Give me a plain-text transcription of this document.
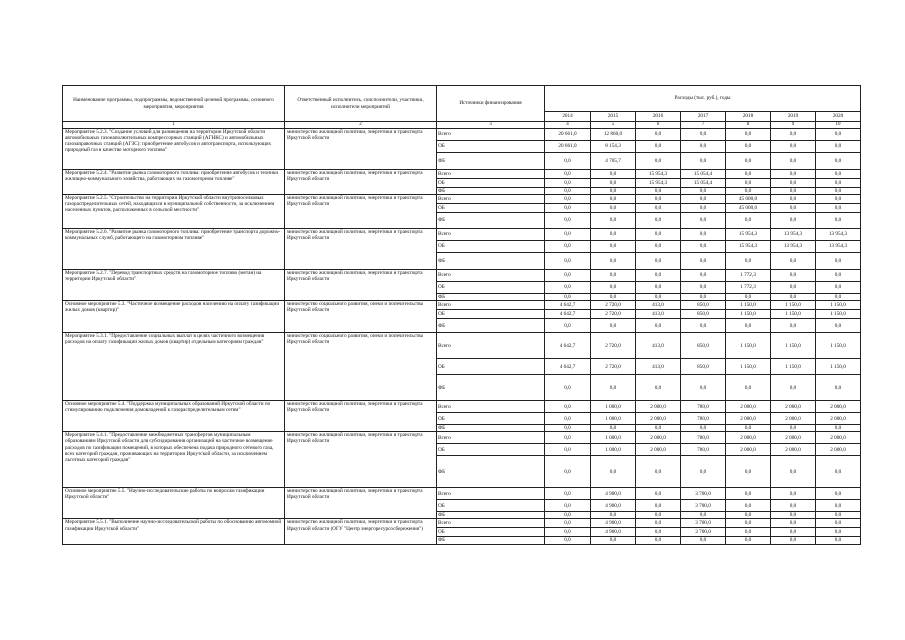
Наименование программы, подпрограммы, ведомственной целевой программы, основного мероприятия, мероприятия	Ответственный исполнитель, соисполнители, участники, исполнители мероприятий	Источники финансирования	Расходы (тыс. руб.), годы						
			2014	2015	2016	2017	2018	2019	2020
1	2	3	4	5	6	7	8	9	10
Мероприятие 5.2.3. "Создание условий для размещения на территории Иркутской области автомобильных газонаполнительных компрессорных станций (АГНКС) и автомобильных газозаправочных станций (АГЗС): приобретение автобусов и автотранспорта, использующих природный газ в качестве моторного топлива"	министерство жилищной политики, энергетики и транспорта Иркутской области	Всего	20 661,0	12 860,0	0,0	0,0	0,0	0,0	0,0
		ОБ	20 661,0	8 154,3	0,0	0,0	0,0	0,0	0,0
		ФБ	0,0	4 705,7	0,0	0,0	0,0	0,0	0,0
Мероприятие 5.2.4. "Развитие рынка газомоторного топлива: приобретение автобусов и техники жилищно-коммунального хозяйства, работающих на газомоторном топливе"	министерство жилищной политики, энергетики и транспорта Иркутской области	Всего	0,0	0,0	15 954,3	15 054,4	0,0	0,0	0,0
		ОБ	0,0	0,0	15 954,3	15 054,4	0,0	0,0	0,0
		ФБ	0,0	0,0	0,0	0,0	0,0	0,0	0,0
Мероприятие 5.2.5. "Строительство на территории Иркутской области внутрипоселковых газораспределительных сетей, находящихся в муниципальной собственности, за исключением населенных пунктов, расположенных в сельской местности"	министерство жилищной политики, энергетики и транспорта Иркутской области	Всего	0,0	0,0	0,0	0,0	45 000,0	0,0	0,0
		ОБ	0,0	0,0	0,0	0,0	45 000,0	0,0	0,0
		ФБ	0,0	0,0	0,0	0,0	0,0	0,0	0,0
Мероприятие 5.2.6. "Развитие рынка газомоторного топлива: приобретение транспорта дорожно-коммунальных служб, работающего на газомоторном топливе"	министерство жилищной политики, энергетики и транспорта Иркутской области	Всего	0,0	0,0	0,0	0,0	15 954,3	13 954,3	13 954,3
		ОБ	0,0	0,0	0,0	0,0	15 954,3	13 954,3	13 954,3
		ФБ	0,0	0,0	0,0	0,0	0,0	0,0	0,0
Мероприятие 5.2.7. "Перевод транспортных средств на газомоторное топливо (метан) на территории Иркутской области"	министерство жилищной политики, энергетики и транспорта Иркутской области	Всего	0,0	0,0	0,0	0,0	1 772,3	0,0	0,0
		ОБ	0,0	0,0	0,0	0,0	1 772,3	0,0	0,0
		ФБ	0,0	0,0	0,0	0,0	0,0	0,0	0,0
Основное мероприятие 5.3. "Частичное возмещение расходов населению на оплату газификации жилых домов (квартир)"	министерство социального развития, опеки и попечительства Иркутской области	Всего	4 642,7	2 720,0	413,0	850,0	1 150,0	1 150,0	1 150,0
		ОБ	4 642,7	2 720,0	413,0	850,0	1 150,0	1 150,0	1 150,0
		ФБ	0,0	0,0	0,0	0,0	0,0	0,0	0,0
Мероприятие 5.3.1. "Предоставление социальных выплат в целях частичного возмещения расходов на оплату газификации жилых домов (квартир) отдельным категориям граждан"	министерство социального развития, опеки и попечительства Иркутской области	Всего	4 642,7	2 720,0	413,0	850,0	1 150,0	1 150,0	1 150,0
		ОБ	4 642,7	2 720,0	413,0	850,0	1 150,0	1 150,0	1 150,0
		ФБ	0,0	0,0	0,0	0,0	0,0	0,0	0,0
Основное мероприятие 5.4. "Поддержка муниципальных образований Иркутской области по стимулированию подключения домовладений к газораспределительным сетям"	министерство жилищной политики, энергетики и транспорта Иркутской области	Всего	0,0	1 000,0	2 000,0	780,0	2 000,0	2 000,0	2 000,0
		ОБ	0,0	1 000,0	2 000,0	780,0	2 000,0	2 000,0	2 000,0
		ФБ	0,0	0,0	0,0	0,0	0,0	0,0	0,0
Мероприятие 5.4.1. "Предоставление межбюджетных трансфертов муниципальным образованиям Иркутской области для субсидирования организаций на частичное возмещение расходов по газификации помещений, в которых обеспечена подача природного сетевого газа, всех категорий граждан, проживающих на территории Иркутской области, за исключением льготных категорий граждан"	министерство жилищной политики, энергетики и транспорта Иркутской области	Всего	0,0	1 000,0	2 000,0	780,0	2 000,0	2 000,0	2 000,0
		ОБ	0,0	1 000,0	2 000,0	780,0	2 000,0	2 000,0	2 000,0
		ФБ	0,0	0,0	0,0	0,0	0,0	0,0	0,0
Основное мероприятие 5.5. "Научно-исследовательские работы по вопросам газификации Иркутской области"	министерство жилищной политики, энергетики и транспорта Иркутской области	Всего	0,0	4 900,0	0,0	3 700,0	0,0	0,0	0,0
		ОБ	0,0	4 900,0	0,0	3 700,0	0,0	0,0	0,0
		ФБ	0,0	0,0	0,0	0,0	0,0	0,0	0,0
Мероприятие 5.5.1. "Выполнение научно-исследовательской работы по обоснованию автономной газификации Иркутской области"	министерство жилищной политики, энергетики и транспорта Иркутской области (ОГУ "Центр энергоресурсосбережения")	Всего	0,0	4 900,0	0,0	3 700,0	0,0	0,0	0,0
		ОБ	0,0	4 900,0	0,0	3 700,0	0,0	0,0	0,0
		ФБ	0,0	0,0	0,0	0,0	0,0	0,0	0,0
